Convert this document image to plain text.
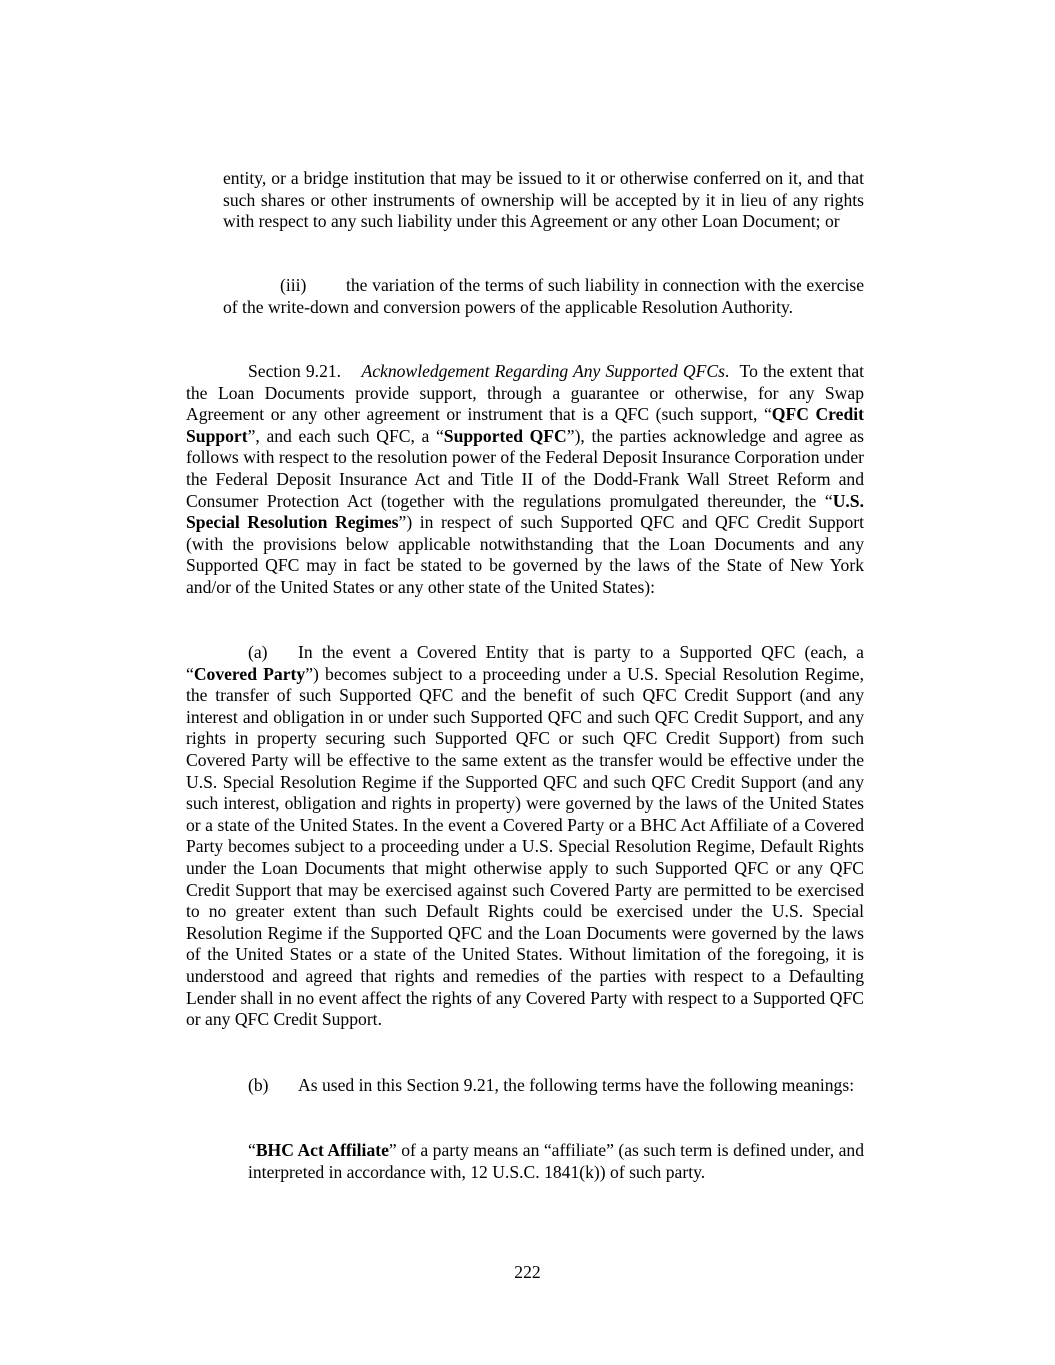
entity, or a bridge institution that may be issued to it or otherwise conferred on it, and that such shares or other instruments of ownership will be accepted by it in lieu of any rights with respect to any such liability under this Agreement or any other Loan Document; or

(iii) the variation of the terms of such liability in connection with the exercise of the write-down and conversion powers of the applicable Resolution Authority.

Section 9.21. Acknowledgement Regarding Any Supported QFCs. To the extent that the Loan Documents provide support, through a guarantee or otherwise, for any Swap Agreement or any other agreement or instrument that is a QFC (such support, “QFC Credit Support”, and each such QFC, a “Supported QFC”), the parties acknowledge and agree as follows with respect to the resolution power of the Federal Deposit Insurance Corporation under the Federal Deposit Insurance Act and Title II of the Dodd-Frank Wall Street Reform and Consumer Protection Act (together with the regulations promulgated thereunder, the “U.S. Special Resolution Regimes”) in respect of such Supported QFC and QFC Credit Support (with the provisions below applicable notwithstanding that the Loan Documents and any Supported QFC may in fact be stated to be governed by the laws of the State of New York and/or of the United States or any other state of the United States):

(a) In the event a Covered Entity that is party to a Supported QFC (each, a “Covered Party”) becomes subject to a proceeding under a U.S. Special Resolution Regime, the transfer of such Supported QFC and the benefit of such QFC Credit Support (and any interest and obligation in or under such Supported QFC and such QFC Credit Support, and any rights in property securing such Supported QFC or such QFC Credit Support) from such Covered Party will be effective to the same extent as the transfer would be effective under the U.S. Special Resolution Regime if the Supported QFC and such QFC Credit Support (and any such interest, obligation and rights in property) were governed by the laws of the United States or a state of the United States. In the event a Covered Party or a BHC Act Affiliate of a Covered Party becomes subject to a proceeding under a U.S. Special Resolution Regime, Default Rights under the Loan Documents that might otherwise apply to such Supported QFC or any QFC Credit Support that may be exercised against such Covered Party are permitted to be exercised to no greater extent than such Default Rights could be exercised under the U.S. Special Resolution Regime if the Supported QFC and the Loan Documents were governed by the laws of the United States or a state of the United States. Without limitation of the foregoing, it is understood and agreed that rights and remedies of the parties with respect to a Defaulting Lender shall in no event affect the rights of any Covered Party with respect to a Supported QFC or any QFC Credit Support.

(b) As used in this Section 9.21, the following terms have the following meanings:

“BHC Act Affiliate” of a party means an “affiliate” (as such term is defined under, and interpreted in accordance with, 12 U.S.C. 1841(k)) of such party.

222
